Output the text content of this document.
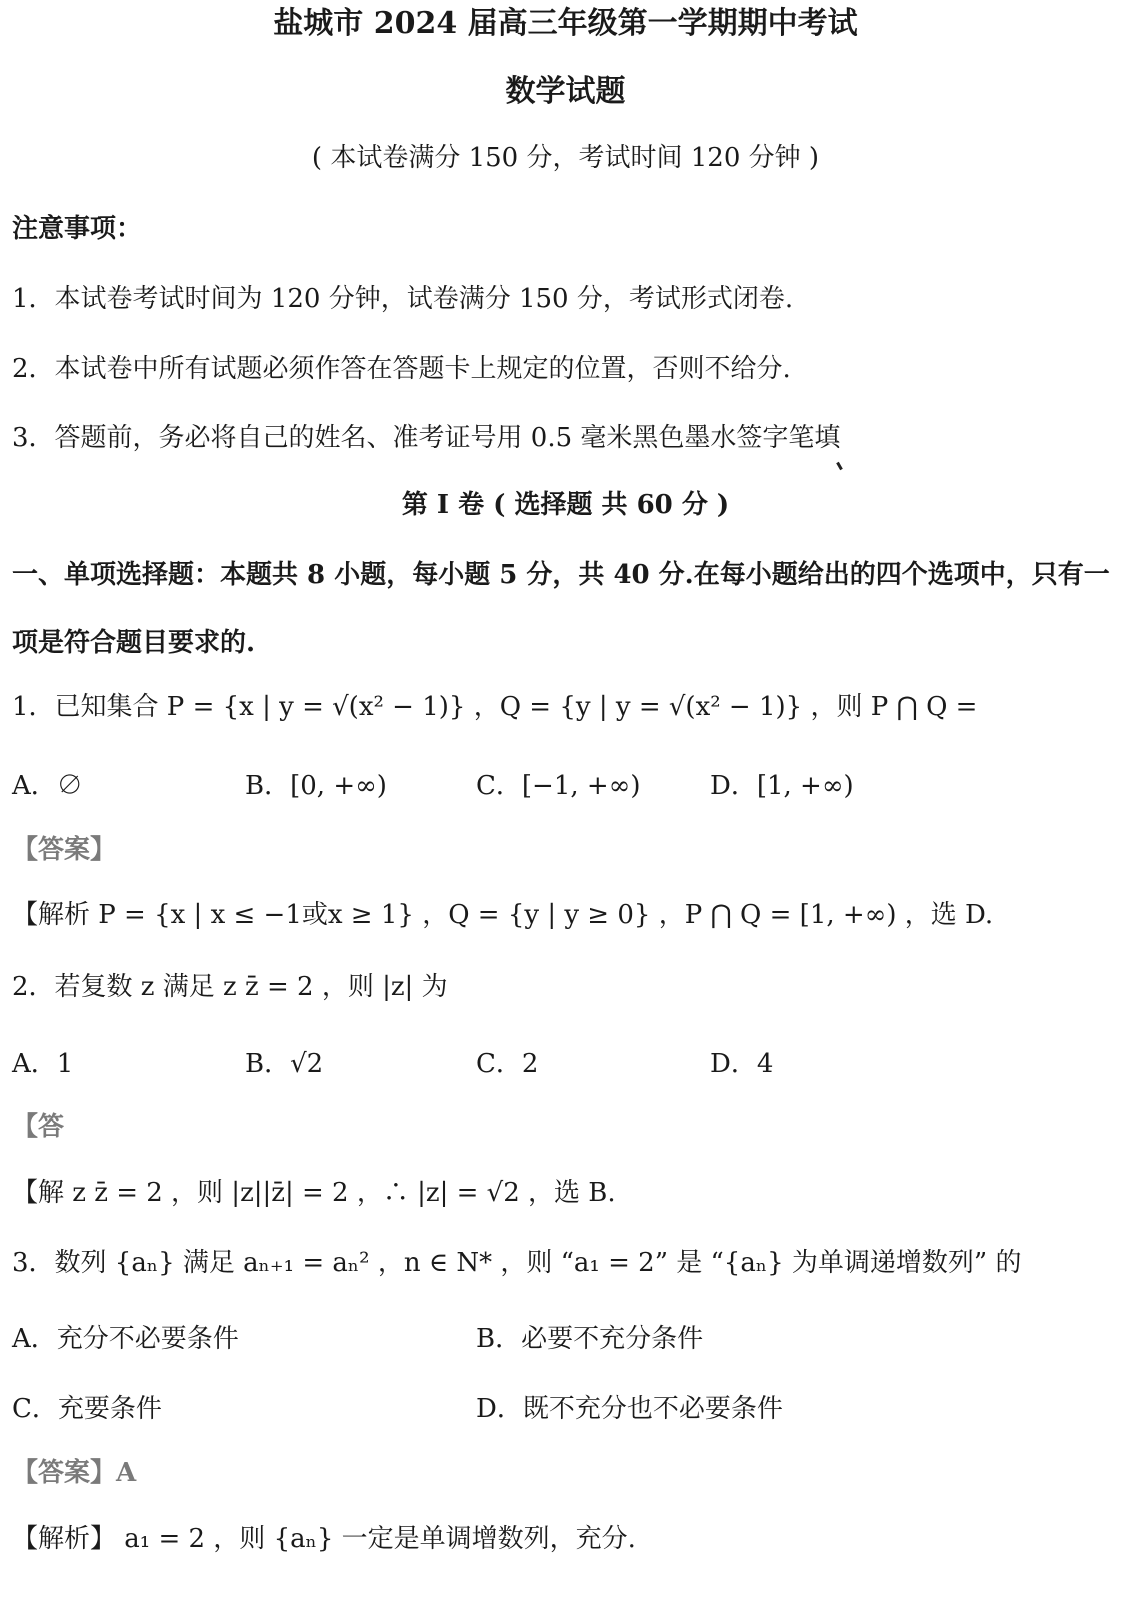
盐城市 2024 届高三年级第一学期期中考试
数学试题
( 本试卷满分 150 分，考试时间 120 分钟 )
注意事项：
1．本试卷考试时间为 120 分钟，试卷满分 150 分，考试形式闭卷.
2．本试卷中所有试题必须作答在答题卡上规定的位置，否则不给分.
3．答题前，务必将自己的姓名、准考证号用 0.5 毫米黑色墨水签字笔填
第 I 卷 ( 选择题 共 60 分 )
一、单项选择题：本题共 8 小题，每小题 5 分，共 40 分.在每小题给出的四个选项中，只有一
项是符合题目要求的.
1．已知集合 P = {x | y = √(x² − 1)} ，Q = {y | y = √(x² − 1)} ，则 P ⋂ Q =
A．∅	B．[0, +∞)	C．[−1, +∞)	D．[1, +∞)
【答案】
【解析 P = {x | x ≤ −1或x ≥ 1} ，Q = {y | y ≥ 0} ，P ⋂ Q = [1, +∞) ，选 D.
2．若复数 z 满足 z z̄ = 2 ，则 |z| 为
A．1	B．√2	C．2	D．4
【答
【解 z z̄ = 2 ，则 |z||z̄| = 2 ，∴ |z| = √2 ，选 B.
3．数列 {aₙ} 满足 aₙ₊₁ = aₙ² ，n ∈ N* ，则 “a₁ = 2” 是 “{aₙ} 为单调递增数列” 的
A．充分不必要条件	B．必要不充分条件
C．充要条件	D．既不充分也不必要条件
【答案】A
【解析】 a₁ = 2 ，则 {aₙ} 一定是单调增数列，充分.
